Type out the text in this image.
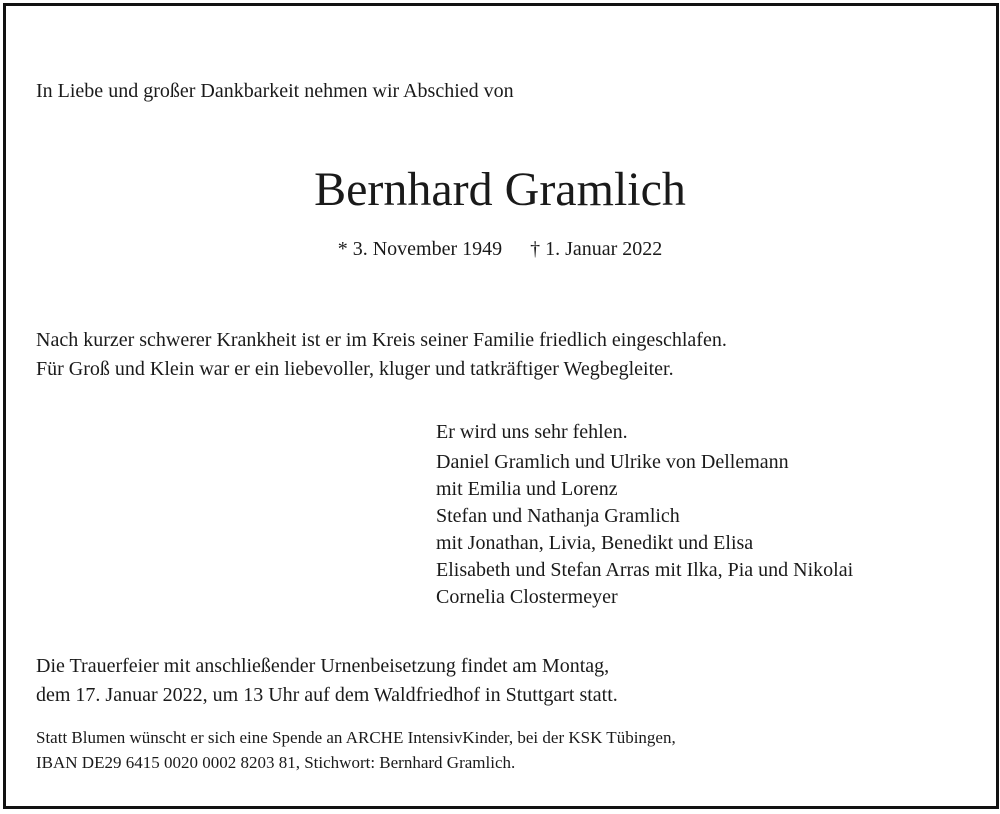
In Liebe und großer Dankbarkeit nehmen wir Abschied von
Bernhard Gramlich
* 3. November 1949 † 1. Januar 2022
Nach kurzer schwerer Krankheit ist er im Kreis seiner Familie friedlich eingeschlafen.
Für Groß und Klein war er ein liebevoller, kluger und tatkräftiger Wegbegleiter.
Er wird uns sehr fehlen.
Daniel Gramlich und Ulrike von Dellemann
mit Emilia und Lorenz
Stefan und Nathanja Gramlich
mit Jonathan, Livia, Benedikt und Elisa
Elisabeth und Stefan Arras mit Ilka, Pia und Nikolai
Cornelia Clostermeyer
Die Trauerfeier mit anschließender Urnenbeisetzung findet am Montag,
dem 17. Januar 2022, um 13 Uhr auf dem Waldfriedhof in Stuttgart statt.
Statt Blumen wünscht er sich eine Spende an ARCHE IntensivKinder, bei der KSK Tübingen,
IBAN DE29 6415 0020 0002 8203 81, Stichwort: Bernhard Gramlich.
